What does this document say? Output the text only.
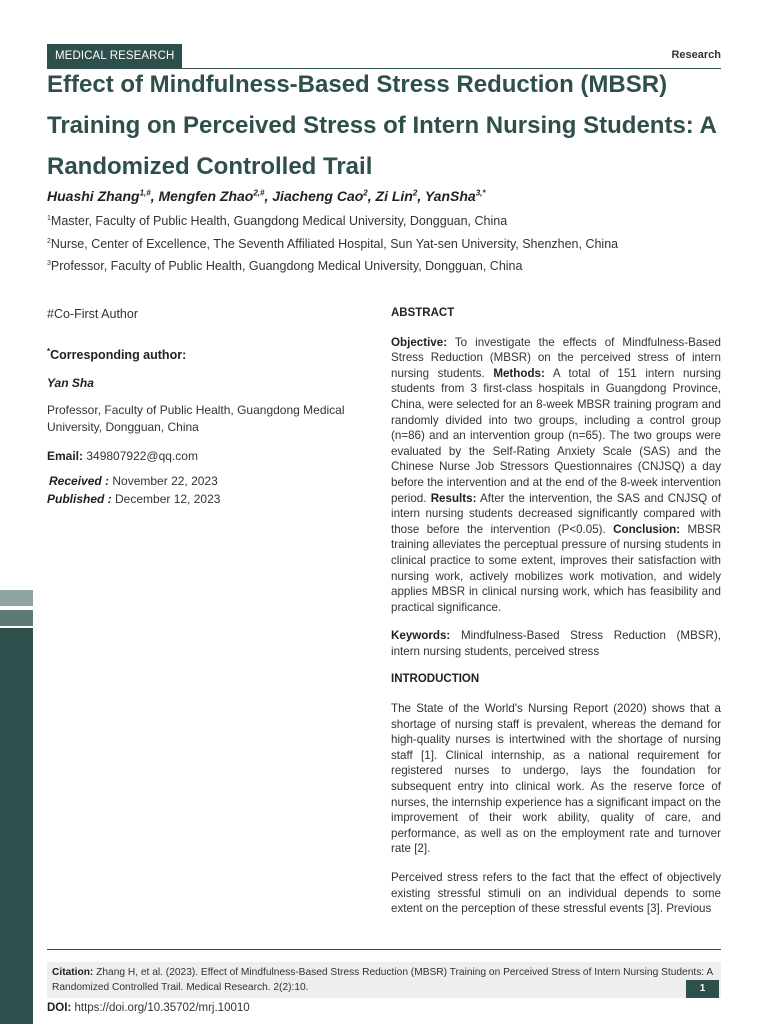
MEDICAL RESEARCH	Research
Effect of Mindfulness-Based Stress Reduction (MBSR) Training on Perceived Stress of Intern Nursing Students: A Randomized Controlled Trail
Huashi Zhang$^{1,\#}$, Mengfen Zhao$^{2,\#}$, Jiacheng Cao$^2$, Zi Lin$^2$, YanSha$^{3,*}$
$^1$Master, Faculty of Public Health, Guangdong Medical University, Dongguan, China
$^2$Nurse, Center of Excellence, The Seventh Affiliated Hospital, Sun Yat-sen University, Shenzhen, China
$^3$Professor, Faculty of Public Health, Guangdong Medical University, Dongguan, China
#Co-First Author
*Corresponding author:
Yan Sha
Professor, Faculty of Public Health, Guangdong Medical University, Dongguan, China
Email: 349807922@qq.com
Received : November 22, 2023
Published : December 12, 2023
ABSTRACT

Objective: To investigate the effects of Mindfulness-Based Stress Reduction (MBSR) on the perceived stress of intern nursing students. Methods: A total of 151 intern nursing students from 3 first-class hospitals in Guangdong Province, China, were selected for an 8-week MBSR training program and randomly divided into two groups, including a control group (n=86) and an intervention group (n=65). The two groups were evaluated by the Self-Rating Anxiety Scale (SAS) and the Chinese Nurse Job Stressors Questionnaires (CNJSQ) a day before the intervention and at the end of the 8-week intervention period. Results: After the intervention, the SAS and CNJSQ of intern nursing students decreased significantly compared with those before the intervention (P<0.05). Conclusion: MBSR training alleviates the perceptual pressure of nursing students in clinical practice to some extent, improves their satisfaction with nursing work, actively mobilizes work motivation, and widely applies MBSR in clinical nursing work, which has feasibility and practical significance.

Keywords: Mindfulness-Based Stress Reduction (MBSR), intern nursing students, perceived stress

INTRODUCTION

The State of the World's Nursing Report (2020) shows that a shortage of nursing staff is prevalent, whereas the demand for high-quality nurses is intertwined with the shortage of nursing staff [1]. Clinical internship, as a national requirement for registered nurses to undergo, lays the foundation for subsequent entry into clinical work. As the reserve force of nurses, the internship experience has a significant impact on the improvement of their work ability, quality of care, and performance, as well as on the employment rate and turnover rate [2].

Perceived stress refers to the fact that the effect of objectively existing stressful stimuli on an individual depends to some extent on the perception of these stressful events [3]. Previous

Citation: Zhang H, et al. (2023). Effect of Mindfulness-Based Stress Reduction (MBSR) Training on Perceived Stress of Intern Nursing Students: A Randomized Controlled Trail. Medical Research. 2(2):10.	1
DOI: https://doi.org/10.35702/mrj.10010
